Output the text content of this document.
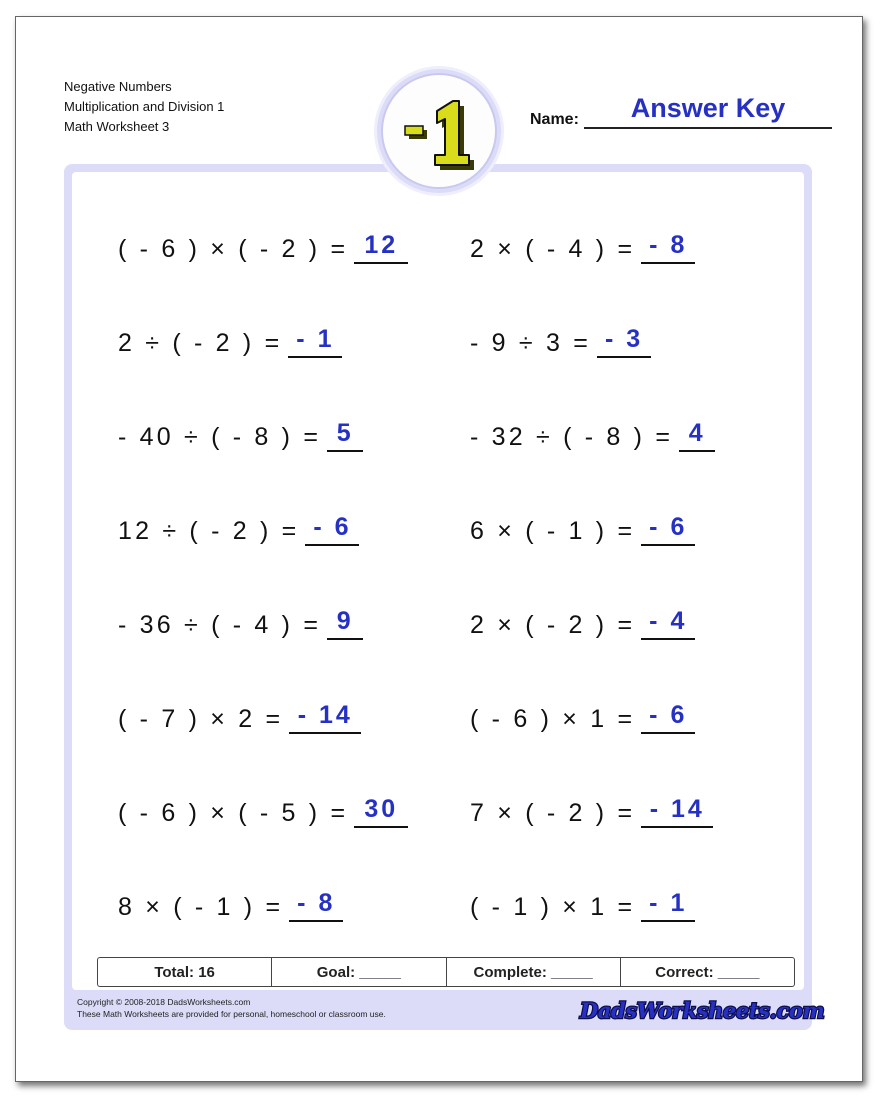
Negative Numbers
Multiplication and Division 1
Math Worksheet 3
Answer Key
Name:
( - 6 ) × ( - 2 ) = 12	2 × ( - 4 ) = - 8
2 ÷ ( - 2 ) = - 1	- 9 ÷ 3 = - 3
- 40 ÷ ( - 8 ) = 5	- 32 ÷ ( - 8 ) = 4
12 ÷ ( - 2 ) = - 6	6 × ( - 1 ) = - 6
- 36 ÷ ( - 4 ) = 9	2 × ( - 2 ) = - 4
( - 7 ) × 2 = - 14	( - 6 ) × 1 = - 6
( - 6 ) × ( - 5 ) = 30	7 × ( - 2 ) = - 14
8 × ( - 1 ) = - 8	( - 1 ) × 1 = - 1
Total: 16	Goal: _____	Complete: _____	Correct: _____
Copyright © 2008-2018 DadsWorksheets.com
These Math Worksheets are provided for personal, homeschool or classroom use.	DadsWorksheets.com
